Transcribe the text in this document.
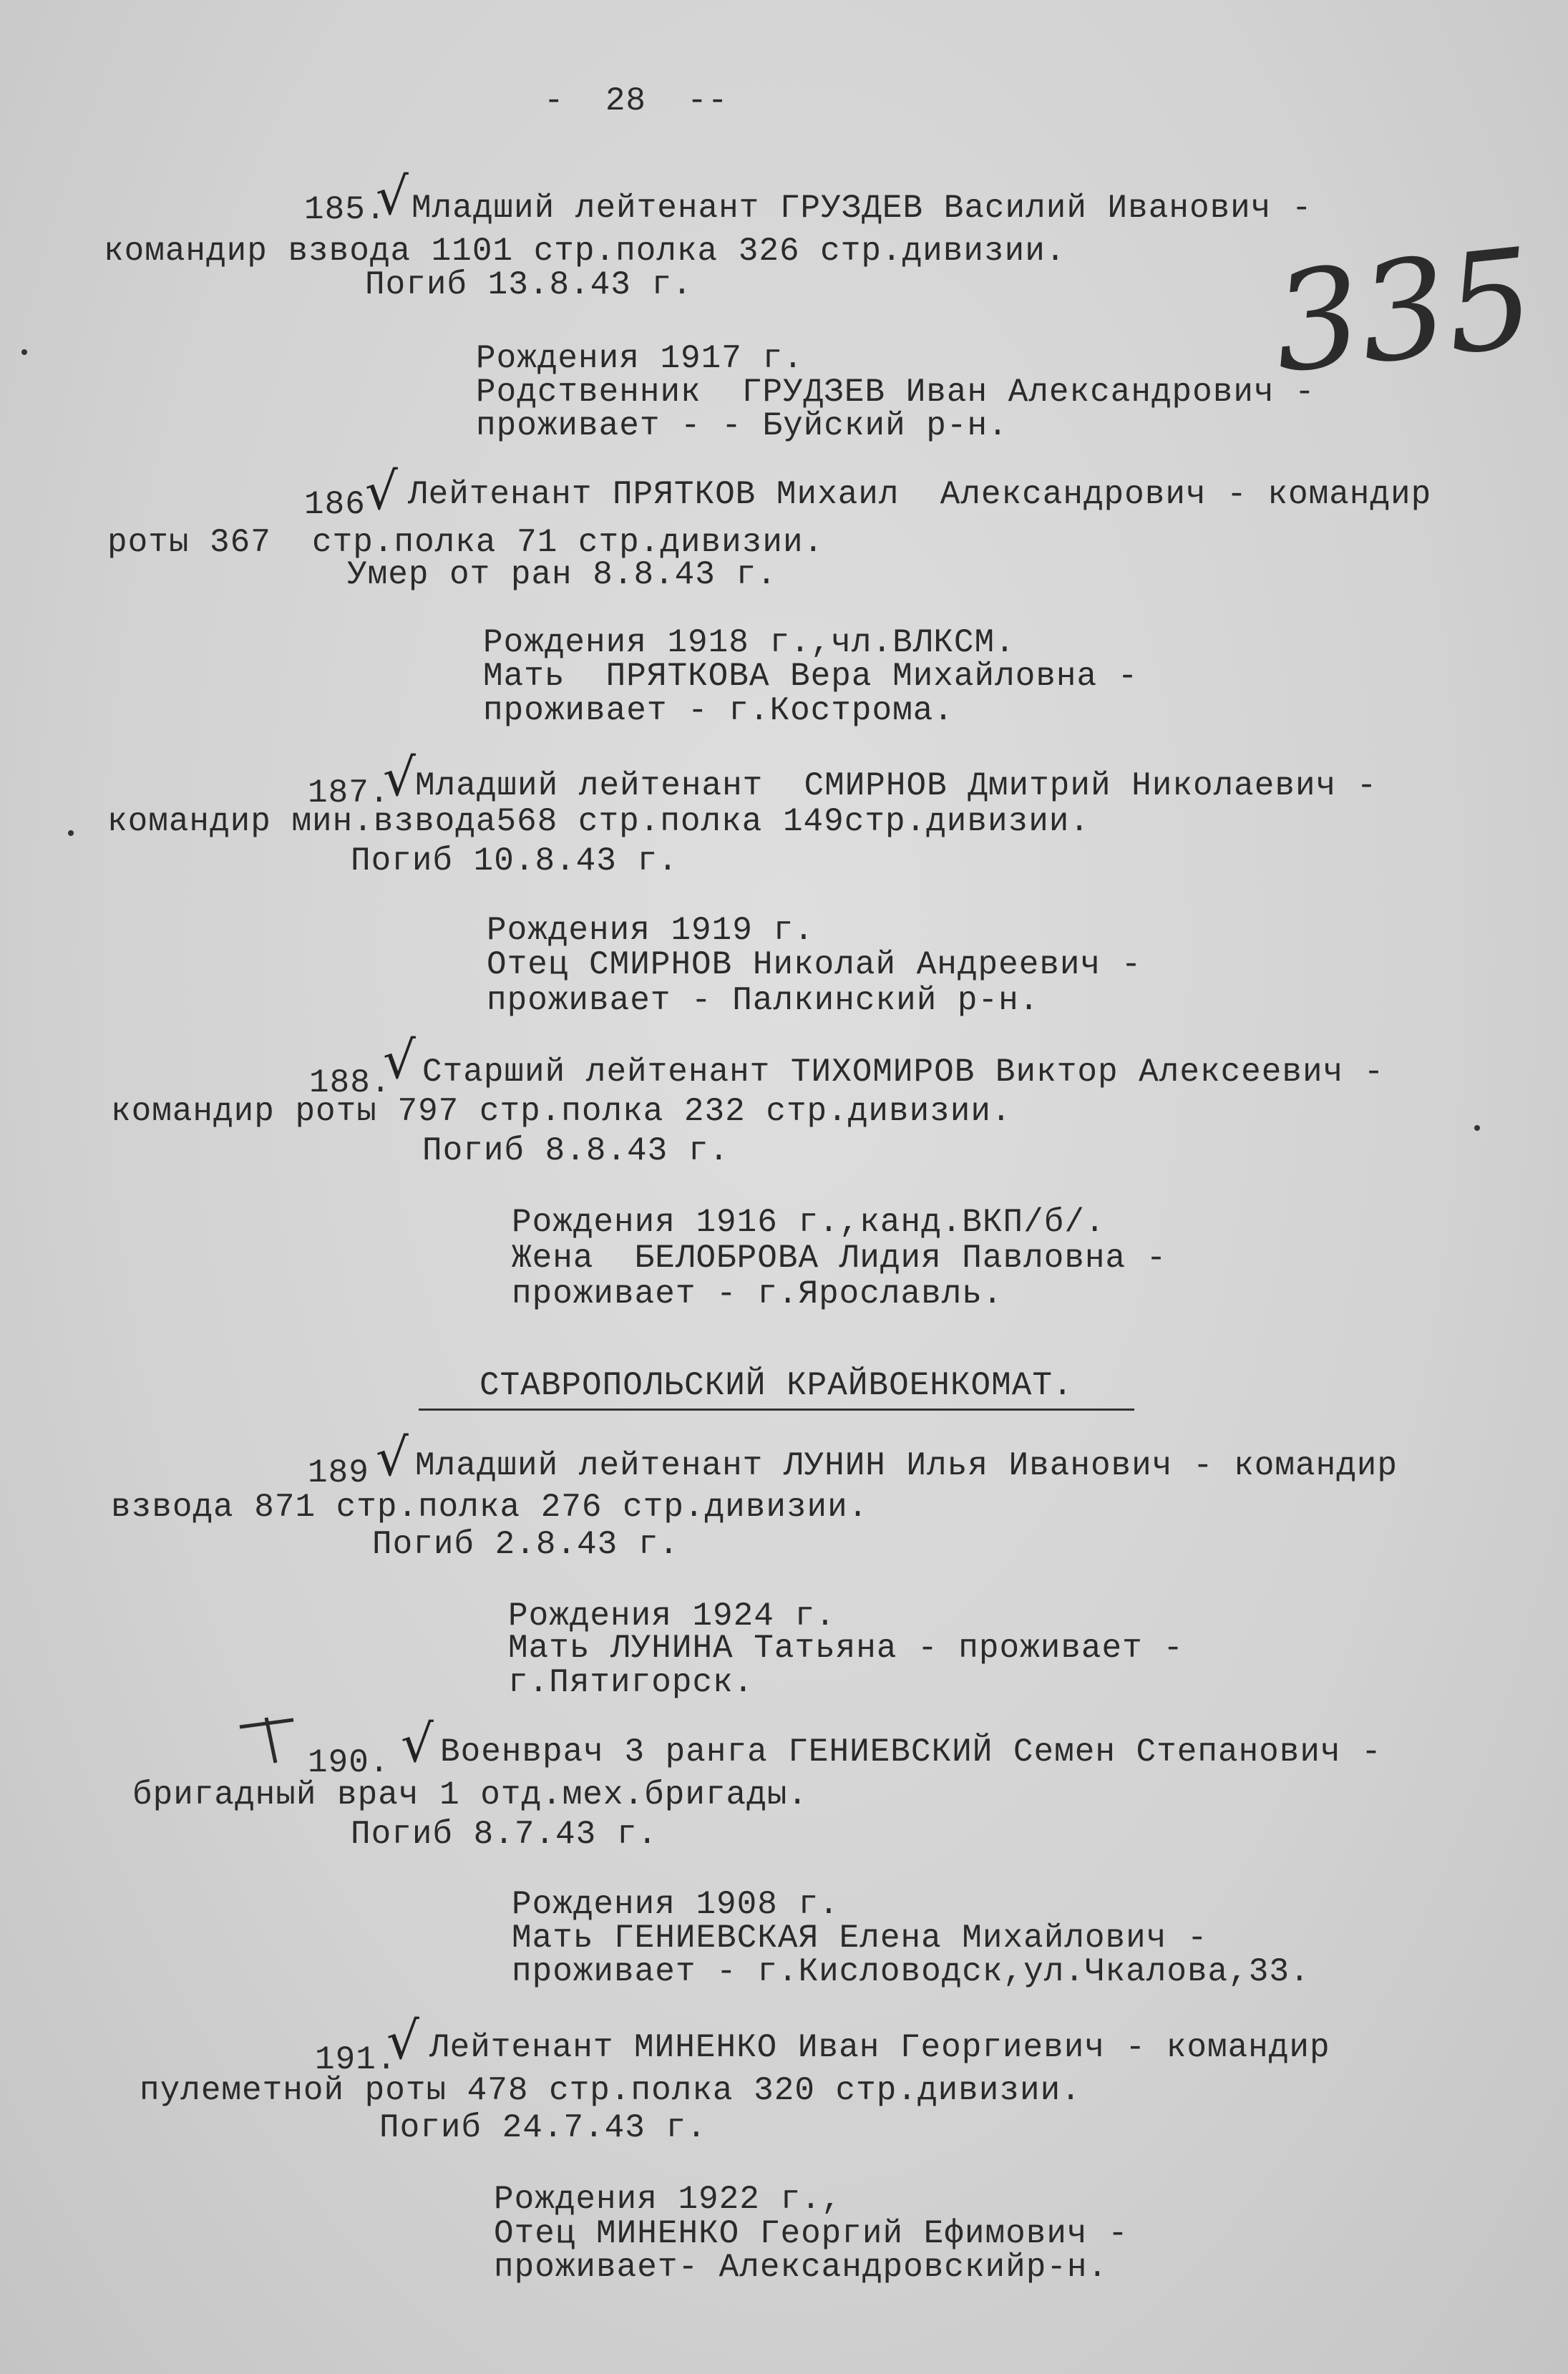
-  28  --
335
185.
√ Младший лейтенант ГРУЗДЕВ Василий Иванович -
командир взвода 1101 стр.полка 326 стр.дивизии.
Погиб 13.8.43 г.
Рождения 1917 г.
Родственник  ГРУДЗЕВ Иван Александрович -
проживает - - Буйский р-н.
186 √ Лейтенант ПРЯТКОВ Михаил  Александрович - командир
роты 367  стр.полка 71 стр.дивизии.
Умер от ран 8.8.43 г.
Рождения 1918 г.,чл.ВЛКСМ.
Мать  ПРЯТКОВА Вера Михайловна -
проживает - г.Кострома.
187.
√ Младший лейтенант  СМИРНОВ Дмитрий Николаевич -
командир мин.взвода568 стр.полка 149стр.дивизии.
Погиб 10.8.43 г.
Рождения 1919 г.
Отец СМИРНОВ Николай Андреевич -
проживает - Палкинский р-н.
188.
√ Старший лейтенант ТИХОМИРОВ Виктор Алексеевич -
командир роты 797 стр.полка 232 стр.дивизии.
Погиб 8.8.43 г.
Рождения 1916 г.,канд.ВКП/б/.
Жена  БЕЛОБРОВА Лидия Павловна -
проживает - г.Ярославль.
СТАВРОПОЛЬСКИЙ КРАЙВОЕНКОМАТ.
189 √ Младший лейтенант ЛУНИН Илья Иванович - командир
взвода 871 стр.полка 276 стр.дивизии.
Погиб 2.8.43 г.
Рождения 1924 г.
Мать ЛУНИНА Татьяна - проживает -
г.Пятигорск.
190. √ Военврач 3 ранга ГЕНИЕВСКИЙ Семен Степанович -
бригадный врач 1 отд.мех.бригады.
Погиб 8.7.43 г.
Рождения 1908 г.
Мать ГЕНИЕВСКАЯ Елена Михайлович -
проживает - г.Кисловодск,ул.Чкалова,33.
191.
√ Лейтенант МИНЕНКО Иван Георгиевич - командир
пулеметной роты 478 стр.полка 320 стр.дивизии.
Погиб 24.7.43 г.
Рождения 1922 г.,
Отец МИНЕНКО Георгий Ефимович -
проживает- Александровскийр-н.
